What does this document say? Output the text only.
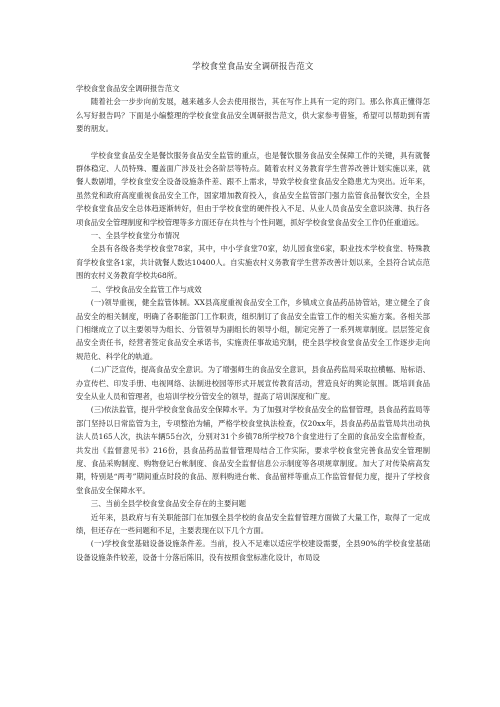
学校食堂食品安全调研报告范文
学校食堂食品安全调研报告范文

随着社会一步步向前发展，越来越多人会去使用报告，其在写作上具有一定的窍门。那么你真正懂得怎么写好报告吗？下面是小编整理的学校食堂食品安全调研报告范文，供大家参考借鉴，希望可以帮助到有需要的朋友。

学校食堂食品安全是餐饮服务食品安全监管的重点，也是餐饮服务食品安全保障工作的关键，具有就餐群体稳定、人员特殊、覆盖面广涉及社会各阶层等特点。随着农村义务教育学生营养改善计划实施以来，就餐人数剧增，学校食堂安全设备设施条件差、跟不上需求，导致学校食堂食品安全隐患尤为突出。近年来，虽然党和政府高度重视食品安全工作，国家增加教育投入，食品安全监管部门强力监管食品餐饮安全，全县学校食堂食品安全总体趋逐渐转好，但由于学校食堂的硬件投入不足、从业人员食品安全意识淡薄、执行各项食品安全管理制度和学校管理等多方面还存在共性与个性问题，抓好学校食堂食品安全工作仍任重道远。

一、全县学校食堂分布情况

全县有各级各类学校食堂78家，其中，中小学食堂70家，幼儿园食堂6家，职业技术学校食堂、特殊教育学校食堂各1家，共计就餐人数达10400人。自实施农村义务教育学生营养改善计划以来，全县符合试点范围的农村义务教育学校共68所。

二、学校食品安全监管工作与成效

(一)领导重视，健全监管体制。XX县高度重视食品安全工作，乡镇成立食品药品协管站，建立健全了食品安全的相关制度，明确了各职能部门工作职责，组织制订了食品安全监管工作的相关实施方案。各相关部门相继成立了以主要领导为组长、分管领导为副组长的领导小组，制定完善了一系列规章制度。层层签定食品安全责任书，经营者签定食品安全承诺书，实施责任事故追究制，使全县学校食堂食品安全工作逐步走向规范化、科学化的轨道。

(二)广泛宣传，提高食品安全意识。为了增强师生的食品安全意识，县食品药监局采取拉横幅、贴标语、办宣传栏、印发手册、电视网络、法制进校园等形式开展宣传教育活动，营造良好的舆论氛围。既培训食品安全从业人员和管理者，也培训学校分管安全的领导，提高了培训深度和广度。

(三)依法监管，提升学校食堂食品安全保障水平。为了加强对学校食品安全的监督管理，县食品药监局等部门坚持以日常监管为主，专项整治为辅，严格学校食堂执法检查，仅20xx年，县食品药品监管局共出动执法人员165人次，执法车辆55台次，分别对31个乡镇78所学校78个食堂进行了全面的食品安全监督检查，共发出《监督意见书》216份，县食品药品监督管理局结合工作实际，要求学校食堂完善食品安全管理制度、食品采购制度、购物登记台帐制度、食品安全监督信息公示制度等各项规章制度。加大了对传染病高发期，特别是“两考”期间重点时段的食品、原料购进台帐、食品留样等重点工作监管督促力度，提升了学校食堂食品安全保障水平。

三、当前全县学校食堂食品安全存在的主要问题

近年来，县政府与有关职能部门在加强全县学校的食品安全监督管理方面做了大量工作，取得了一定成绩，但还存在一些问题和不足，主要表现在以下几个方面。

(一)学校食堂基础设备设施条件差。当前，投入不足难以适应学校建设需要，全县90%的学校食堂基础设备设施条件较差，设备十分落后陈旧，没有按照食堂标准化设计，布局设
